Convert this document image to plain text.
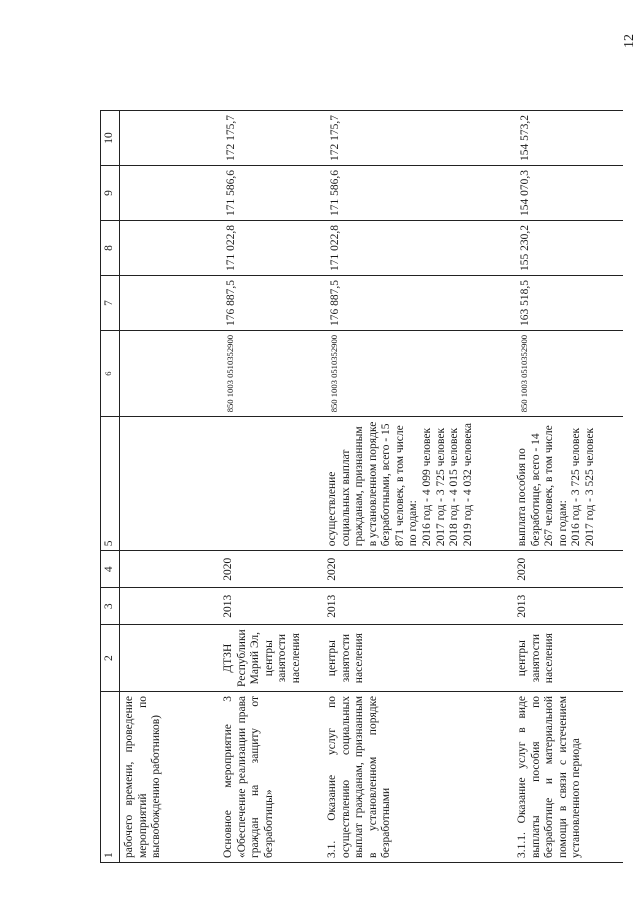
12
1	2	3	4	5	6	7	8	9	10
рабочего времени, проведение мероприятий по высвобождению работников)									
Основное мероприятие 3 «Обеспечение реализации права граждан на защиту от безработицы»	ДТЗН Республики Марий Эл, центры занятости населения	2013	2020		850 1003 0510352900	176 887,5	171 022,8	171 586,6	172 175,7
3.1. Оказание услуг по осуществлению социальных выплат гражданам, признанным в установленном порядке безработными	центры занятости населения	2013	2020	осуществление социальных выплат гражданам, признанным в установленном порядке безработными, всего - 15 871 человек, в том числе по годам:
2016 год - 4 099 человек
2017 год - 3 725 человек
2018 год - 4 015 человек
2019 год - 4 032 человека	850 1003 0510352900	176 887,5	171 022,8	171 586,6	172 175,7
3.1.1. Оказание услуг в виде выплаты пособия по безработице и материальной помощи в связи с истечением установленного периода	центры занятости населения	2013	2020	выплата пособия по безработице, всего - 14 267 человек, в том числе по годам:
2016 год - 3 725 человек
2017 год - 3 525 человек	850 1003 0510352900	163 518,5	155 230,2	154 070,3	154 573,2
